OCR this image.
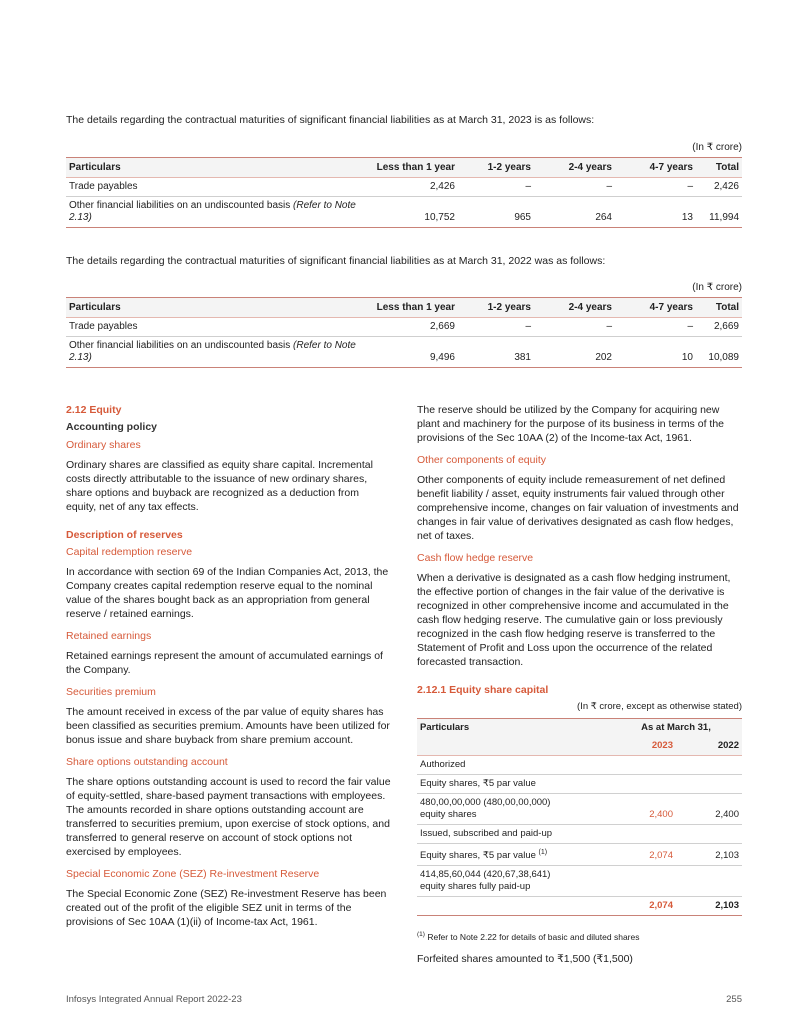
The details regarding the contractual maturities of significant financial liabilities as at March 31, 2023 is as follows:
(In ₹ crore)
Particulars	Less than 1 year	1-2 years	2-4 years	4-7 years	Total
Trade payables	2,426	–	–	–	2,426
Other financial liabilities on an undiscounted basis (Refer to Note 2.13)	10,752	965	264	13	11,994
The details regarding the contractual maturities of significant financial liabilities as at March 31, 2022 was as follows:
(In ₹ crore)
Particulars	Less than 1 year	1-2 years	2-4 years	4-7 years	Total
Trade payables	2,669	–	–	–	2,669
Other financial liabilities on an undiscounted basis (Refer to Note 2.13)	9,496	381	202	10	10,089
2.12 Equity
Accounting policy
Ordinary shares

Ordinary shares are classified as equity share capital. Incremental costs directly attributable to the issuance of new ordinary shares, share options and buyback are recognized as a deduction from equity, net of any tax effects.

Description of reserves
Capital redemption reserve

In accordance with section 69 of the Indian Companies Act, 2013, the Company creates capital redemption reserve equal to the nominal value of the shares bought back as an appropriation from general reserve / retained earnings.

Retained earnings

Retained earnings represent the amount of accumulated earnings of the Company.

Securities premium

The amount received in excess of the par value of equity shares has been classified as securities premium. Amounts have been utilized for bonus issue and share buyback from share premium account.

Share options outstanding account

The share options outstanding account is used to record the fair value of equity-settled, share-based payment transactions with employees. The amounts recorded in share options outstanding account are transferred to securities premium, upon exercise of stock options, and transferred to general reserve on account of stock options not exercised by employees.

Special Economic Zone (SEZ) Re-investment Reserve

The Special Economic Zone (SEZ) Re-investment Reserve has been created out of the profit of the eligible SEZ unit in terms of the provisions of Sec 10AA (1)(ii) of Income-tax Act, 1961.

The reserve should be utilized by the Company for acquiring new plant and machinery for the purpose of its business in terms of the provisions of the Sec 10AA (2) of the Income-tax Act, 1961.

Other components of equity

Other components of equity include remeasurement of net defined benefit liability / asset, equity instruments fair valued through other comprehensive income, changes on fair valuation of investments and changes in fair value of derivatives designated as cash flow hedges, net of taxes.

Cash flow hedge reserve

When a derivative is designated as a cash flow hedging instrument, the effective portion of changes in the fair value of the derivative is recognized in other comprehensive income and accumulated in the cash flow hedging reserve. The cumulative gain or loss previously recognized in the cash flow hedging reserve is transferred to the Statement of Profit and Loss upon the occurrence of the related forecasted transaction.

2.12.1 Equity share capital
(In ₹ crore, except as otherwise stated)
Particulars	As at March 31,	
	2023	2022
Authorized		
Equity shares, ₹5 par value		
480,00,00,000 (480,00,00,000) equity shares	2,400	2,400
Issued, subscribed and paid-up		
Equity shares, ₹5 par value $^{(1)}$	2,074	2,103
414,85,60,044 (420,67,38,641) equity shares fully paid-up		
	2,074	2,103
$^{(1)}$ Refer to Note 2.22 for details of basic and diluted shares
Forfeited shares amounted to ₹1,500 (₹1,500)
Infosys Integrated Annual Report 2022-23	255
